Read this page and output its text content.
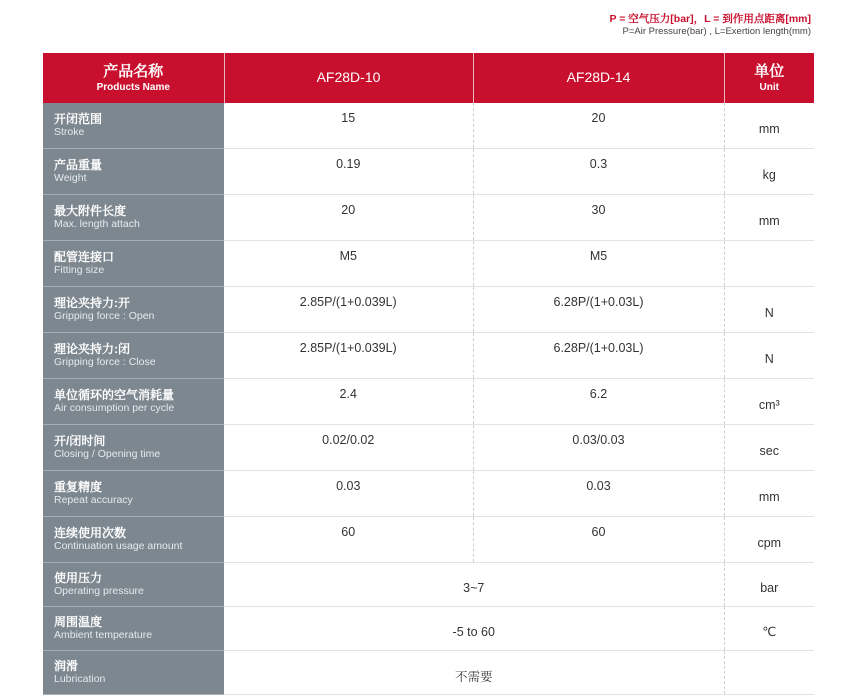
P = 空气压力[bar]，L = 到作用点距离[mm]
P=Air Pressure(bar) , L=Exertion length(mm)
产品名称
Products Name	AF28D-10	AF28D-14	单位
Unit

开闭范围
Stroke	15	20	mm

产品重量
Weight	0.19	0.3	kg

最大附件长度
Max. length attach	20	30	mm

配管连接口
Fitting size	M5	M5	

理论夹持力:开
Gripping force : Open	2.85P/(1+0.039L)	6.28P/(1+0.03L)	N

理论夹持力:闭
Gripping force : Close	2.85P/(1+0.039L)	6.28P/(1+0.03L)	N

单位循环的空气消耗量
Air consumption per cycle	2.4	6.2	cm³

开/闭时间
Closing / Opening time	0.02/0.02	0.03/0.03	sec

重复精度
Repeat accuracy	0.03	0.03	mm

连续使用次数
Continuation usage amount	60	60	cpm

使用压力
Operating pressure	3~7		bar

周围温度
Ambient temperature	-5 to 60		℃

润滑
Lubrication	不需要		
